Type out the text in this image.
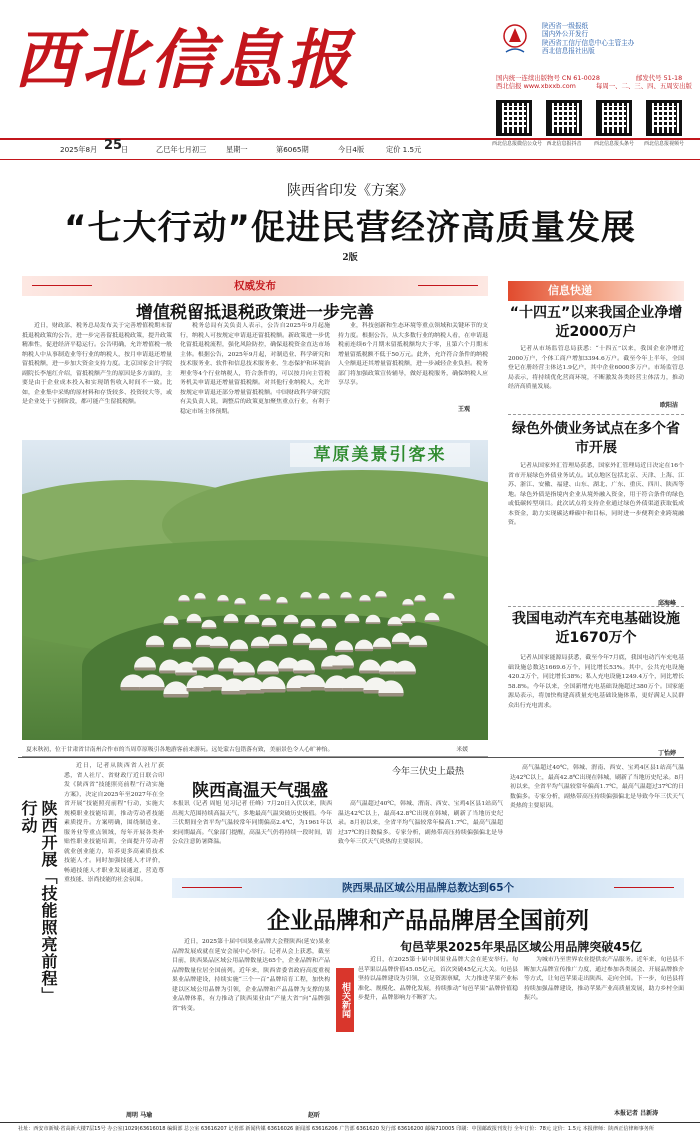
西北信息报	陕西省一级报纸
国内外公开发行
陕西省工信厅信息中心主管主办
西北信息报社出版
国内统一连续出版物号 CN 61-0028	邮发代号 51-18
西北信报 www.xbxxb.com	每周一、二、三、四、五周安出版
西北信息报微信公众号 西北信息报抖音	西北信息报头条号	西北信息报视频号
2025年8月 25
日	乙巳年七月初三	星期一	第6065期	今日4版	定价 1.5元
陕西省印发《方案》
“七大行动”促进民营经济高质量发展
2版
权威发布
增值税留抵退税政策进一步完善
近日，财政部、税务总局发布关于完善增值税期末留抵退税政策的公告，进一步完善留抵退税政策，提升政策精准性，促进经济平稳运行。公告明确，允许增值税一般纳税人中从事制造业等行业的纳税人，按月申请退还增量留抵税额，进一步加大资金支持力度。北京国家会计学院副院长李旭红介绍，留抵税额产生的原因是多方面的，主要是由于企业成本投入和实现销售收入时间不一致。比如，企业集中采购的原材料和存货较多、投资较大等，或是企业处于亏损阶段，都可能产生留抵税额。
税务总局有关负责人表示，公告自2025年9月起施行，纳税人可按规定申请退还留抵税额。新政策进一步优化留抵退税流程，强化风险防控，确保退税资金直达市场主体。根据公告，2025年9月起，对制造业、科学研究和技术服务业、软件和信息技术服务业、生态保护和环境治理业等4个行业纳税人，符合条件的，可以按月向主管税务机关申请退还增量留抵税额。对其他行业纳税人，允许按规定申请退还部分增量留抵税额。中国财政科学研究院有关负责人说，调整后的政策更加聚焦重点行业，有利于稳定市场主体预期。
业，科技创新和生态环境等重点领域和关键环节的支持力度。根据公告，从大多数行业的纳税人看，在申请退税前连续6个月期末留抵税额均大于零，且第六个月期末增量留抵税额不低于50万元。此外，允许符合条件的纳税人全额退还其增量留抵税额，进一步减轻企业负担。税务部门将加强政策宣传辅导，做好退税服务，确保纳税人应享尽享。
王观
草原美景引客来
夏末秋初，位于甘肃省甘南州合作市的当周草原吸引各地游客前来游玩。远处蒙古包错落有致，美丽景色令人心旷神怡。	米媛
信息快递
“十四五”以来我国企业净增近2000万户
记者从市场监管总局获悉：“十四五”以来，我国企业净增近2000万户，个体工商户增加3394.6万户。截至今年上半年，全国登记在册经营主体达1.9亿户，其中企业6000多万户。市场监管总局表示，将持续优化营商环境，不断激发各类经营主体活力，推动经济高质量发展。
欧阳洁
绿色外债业务试点在多个省市开展
记者从国家外汇管理局获悉，国家外汇管理局近日决定在16个省市开展绿色外债业务试点。试点地区包括北京、天津、上海、江苏、浙江、安徽、福建、山东、湖北、广东、重庆、四川、陕西等地。绿色外债是指境内企业从境外融入资金，用于符合条件的绿色或低碳转型项目。此次试点将支持企业通过绿色外债渠道获取低成本资金，助力实现碳达峰碳中和目标，同时进一步便利企业跨境融资。
邱海峰
我国电动汽车充电基础设施近1670万个
记者从国家能源局获悉，截至今年7月底，我国电动汽车充电基础设施总数达1669.6万个，同比增长53%。其中，公共充电设施420.2万个，同比增长38%；私人充电设施1249.4万个，同比增长58.8%。今年以来，全国新增充电基础设施超过380万个。国家能源局表示，将加快构建高质量充电基础设施体系，更好满足人民群众出行充电需求。
丁怡婷
陕西开展「技能照亮前程」行动
近日，记者从陕西省人社厅获悉，省人社厅、省财政厅近日联合印发《陕西省“技能照亮前程”行动实施方案》，决定自2025年至2027年在全省开展“技能照亮前程”行动，实施大规模职业技能培训，推动劳动者技能素质提升。方案明确，围绕制造业、服务业等重点领域，每年开展各类补贴性职业技能培训，全面提升劳动者就业创业能力，培养更多高素质技术技能人才。同时加强技能人才评价，畅通技能人才职业发展通道，营造尊重技能、崇尚技能的社会氛围。
周明 马瑜
今年三伏史上最热
陕西高温天气强盛
本报讯（记者 周旭 见习记者 任峰）7月20日入伏以来，陕西出现大范围持续高温天气，多地最高气温突破历史极值。今年三伏期间全省平均气温较常年同期偏高2.4℃，为1961年以来同期最高。气象部门提醒，高温天气仍将持续一段时间，请公众注意防暑降温。
高气温超过40℃，韩城、渭南、西安、宝鸡4区县1站高气温达42℃以上，最高42.8℃出现在韩城，刷新了当地历史纪录。8月初以来，全省平均气温较常年偏高1.7℃，最高气温超过37℃的日数偏多。专家分析，副热带高压持续偏强偏北是导致今年三伏天气炎热的主要原因。
高气温超过40℃，韩城、渭南、西安、宝鸡4区县1站高气温达42℃以上，最高42.8℃出现在韩城，刷新了当地历史纪录。8月初以来，全省平均气温较常年偏高1.7℃，最高气温超过37℃的日数偏多。专家分析，副热带高压持续偏强偏北是导致今年三伏天气炎热的主要原因。
陕西果品区域公用品牌总数达到65个
企业品牌和产品品牌居全国前列
近日，2025第十届中国果业品牌大会暨陕西(延安)果业品牌发展成就在延安会展中心举行。记者从会上获悉，截至目前，陕西果品区域公用品牌数量达65个，企业品牌和产品品牌数量位居全国前列。近年来，陕西省委省政府高度重视果业品牌建设，持续实施“三个一百”品牌培育工程，加快构建以区域公用品牌为引领，企业品牌和产品品牌为支撑的果业品牌体系，有力推动了陕西果业由“产量大省”向“品牌强省”转变。
赵昕
相关新闻
旬邑苹果2025年果品区域公用品牌突破45亿
近日，在2025第十届中国果业品牌大会在延安举行。旬邑苹果以品牌价值45.05亿元，首次突破45亿元大关。旬邑县坚持以品牌建设为引领，立足资源禀赋，大力推进苹果产业标准化、规模化、品牌化发展，持续推动“旬邑苹果”品牌价值稳步提升，品牌影响力不断扩大。
为城市乃至世界农业提供农产品服务。近年来，旬邑县不断加大品牌宣传推广力度，通过参加各类展会、开展品牌推介等方式，让旬邑苹果走出陕西、走向全国。下一步，旬邑县将持续加强品牌建设，推动苹果产业高质量发展，助力乡村全面振兴。
本报记者 吕新涛
社址：西安市新城·省高新大楼7层15号 办公室(1029)63616018 编辑部 总公室 63616207 记者部 新闻传媒 63616026 新闻部 63616206 广告部 6361620 发行部 63616200 邮编710005 印刷：中国邮政报刊发行 全年订价：78元 定价：1.5元 本报律师：陕西正信律师事务所
